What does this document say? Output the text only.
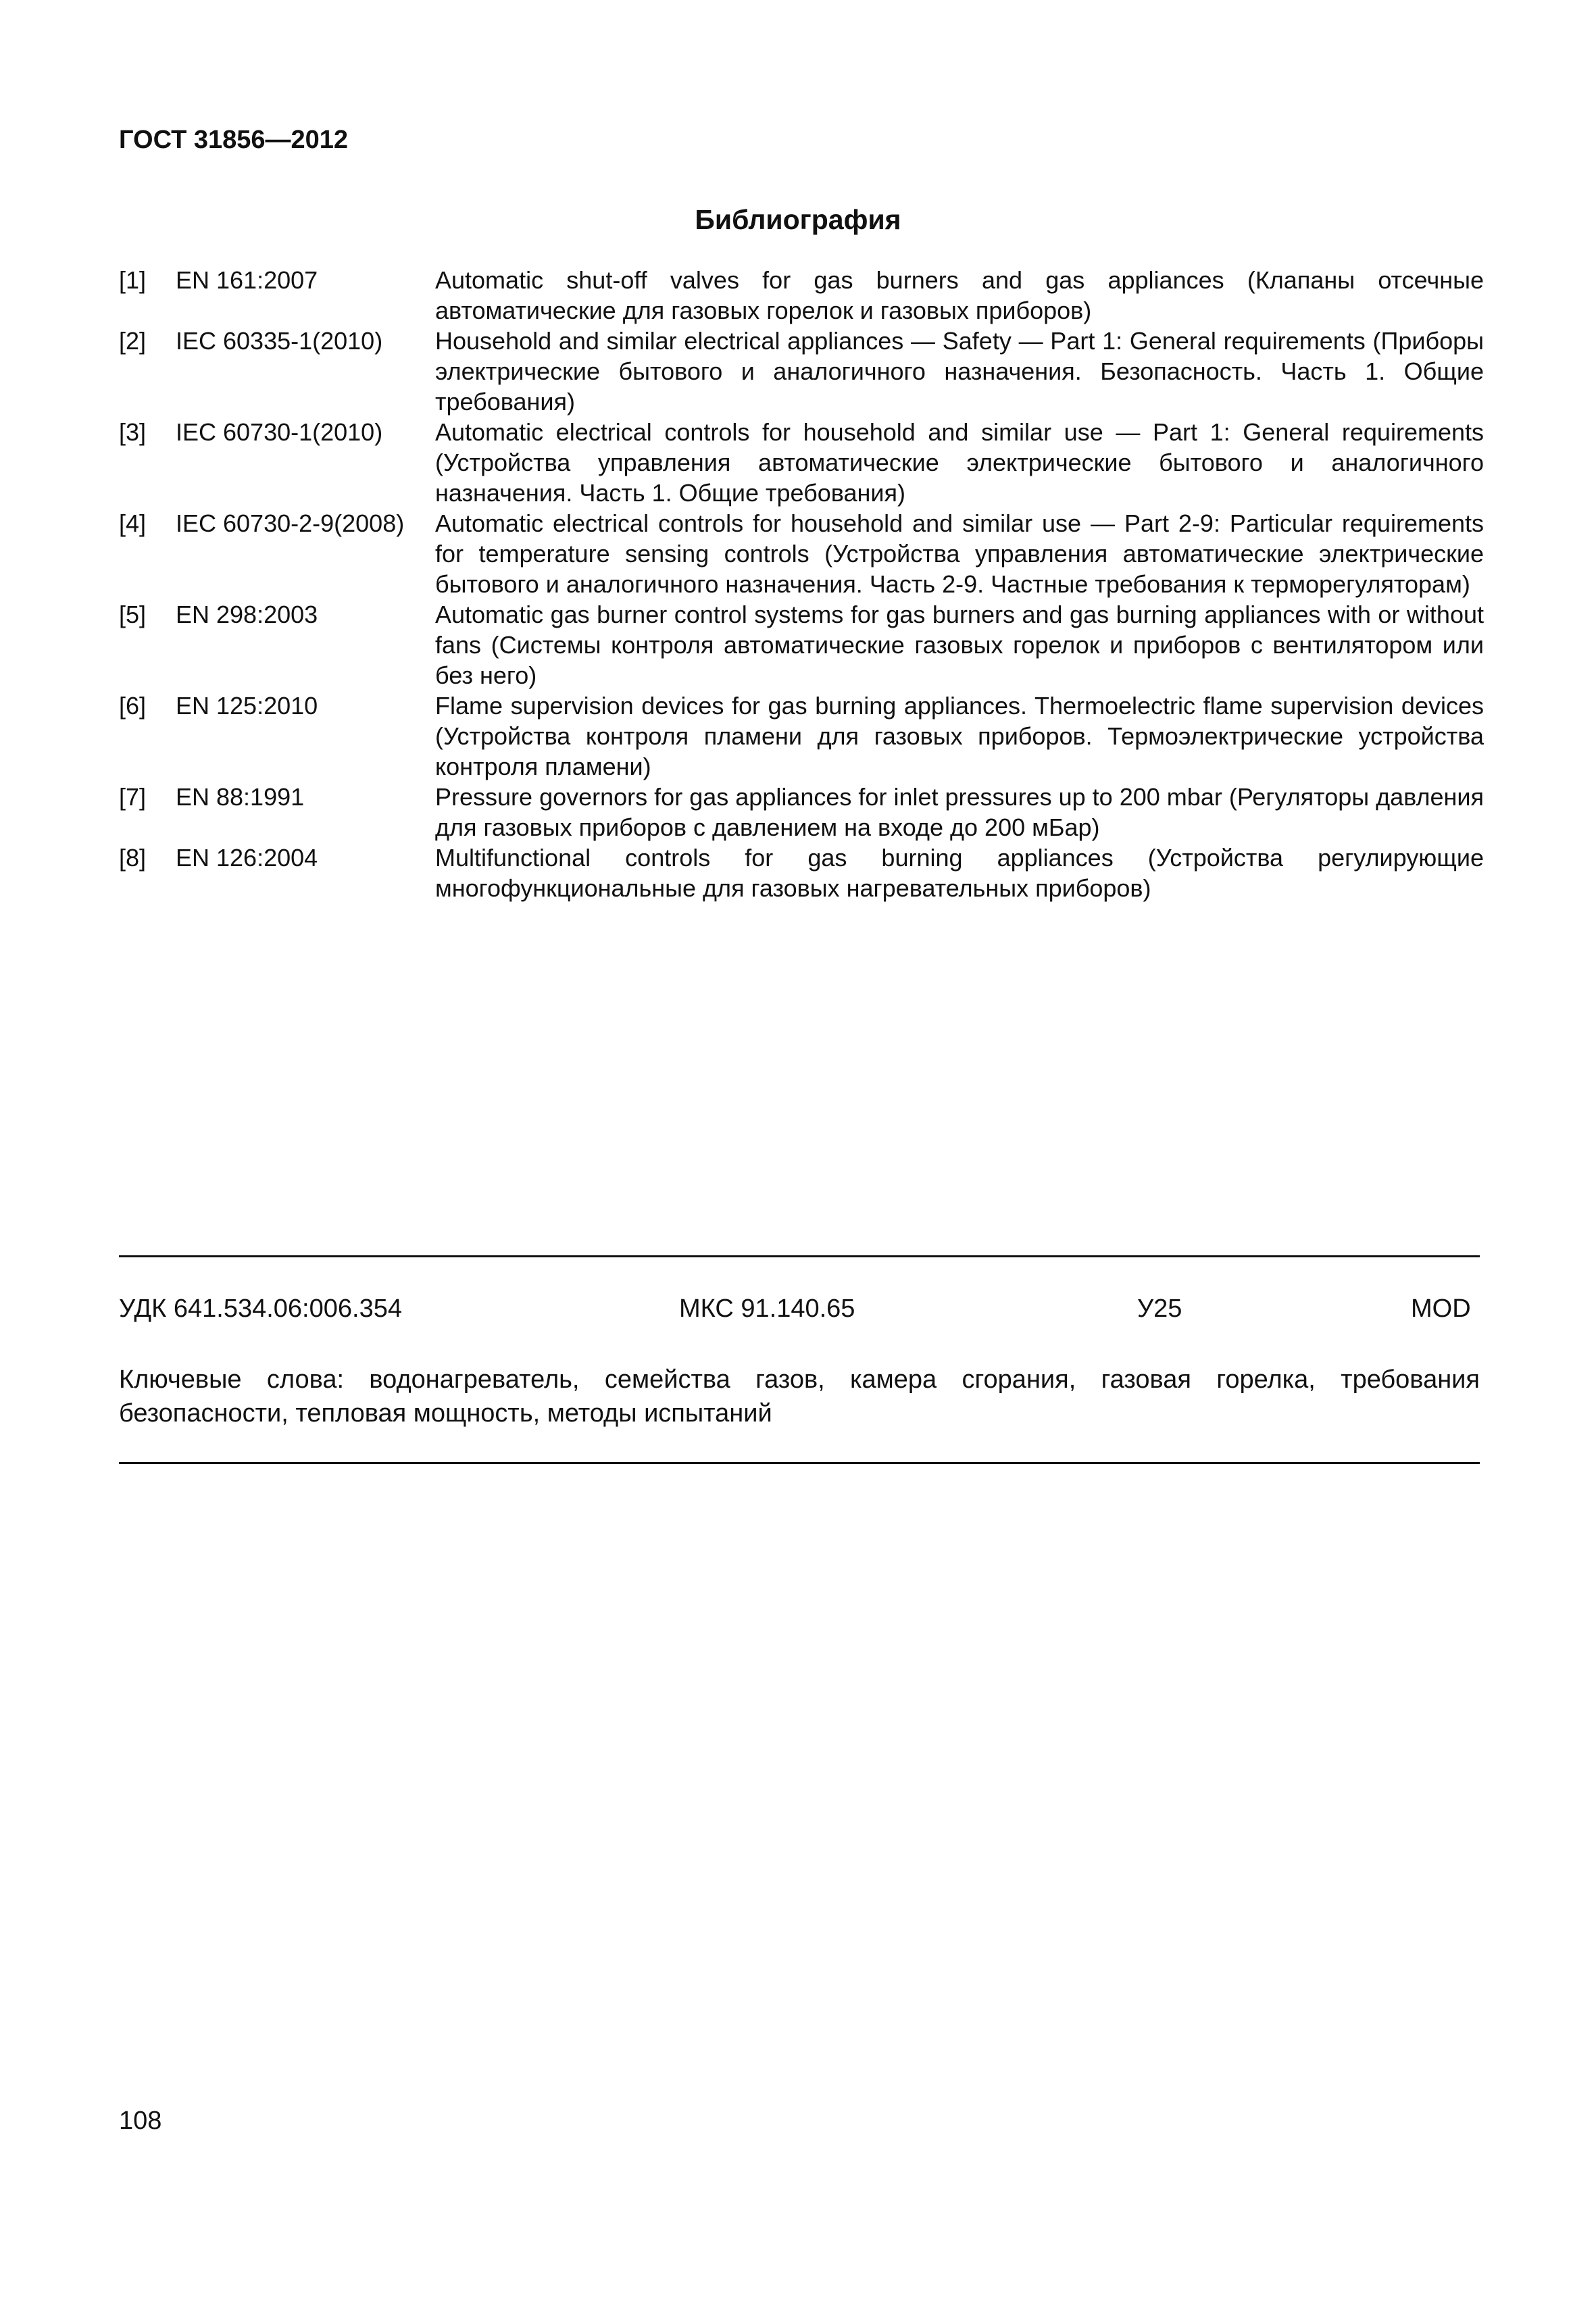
ГОСТ 31856—2012
Библиография
[1]	EN 161:2007	Automatic shut-off valves for gas burners and gas appliances (Клапаны отсечные автоматические для газовых горелок и газовых приборов)
[2]	IEC 60335-1(2010)	Household and similar electrical appliances — Safety — Part 1: General requirements (Приборы электрические бытового и аналогичного назначения. Безопасность. Часть 1. Общие требования)
[3]	IEC 60730-1(2010)	Automatic electrical controls for household and similar use — Part 1: General requirements (Устройства управления автоматические электрические бытового и аналогичного назначения. Часть 1. Общие требования)
[4]	IEC 60730-2-9(2008)	Automatic electrical controls for household and similar use — Part 2-9: Particular requirements for temperature sensing controls (Устройства управления автоматические электрические бытового и аналогичного назначения. Часть 2-9. Частные требования к терморегуляторам)
[5]	EN 298:2003	Automatic gas burner control systems for gas burners and gas burning appliances with or without fans (Системы контроля автоматические газовых горелок и приборов с вентилятором или без него)
[6]	EN 125:2010	Flame supervision devices for gas burning appliances. Thermoelectric flame supervision devices (Устройства контроля пламени для газовых приборов. Термоэлектрические устройства контроля пламени)
[7]	EN 88:1991	Pressure governors for gas appliances for inlet pressures up to 200 mbar (Регуляторы давления для газовых приборов с давлением на входе до 200 мБар)
[8]	EN 126:2004	Multifunctional controls for gas burning appliances (Устройства регулирующие многофункциональные для газовых нагревательных приборов)
УДК 641.534.06:006.354	МКС 91.140.65	У25	MOD
Ключевые слова: водонагреватель, семейства газов, камера сгорания, газовая горелка, требования безопасности, тепловая мощность, методы испытаний
108
